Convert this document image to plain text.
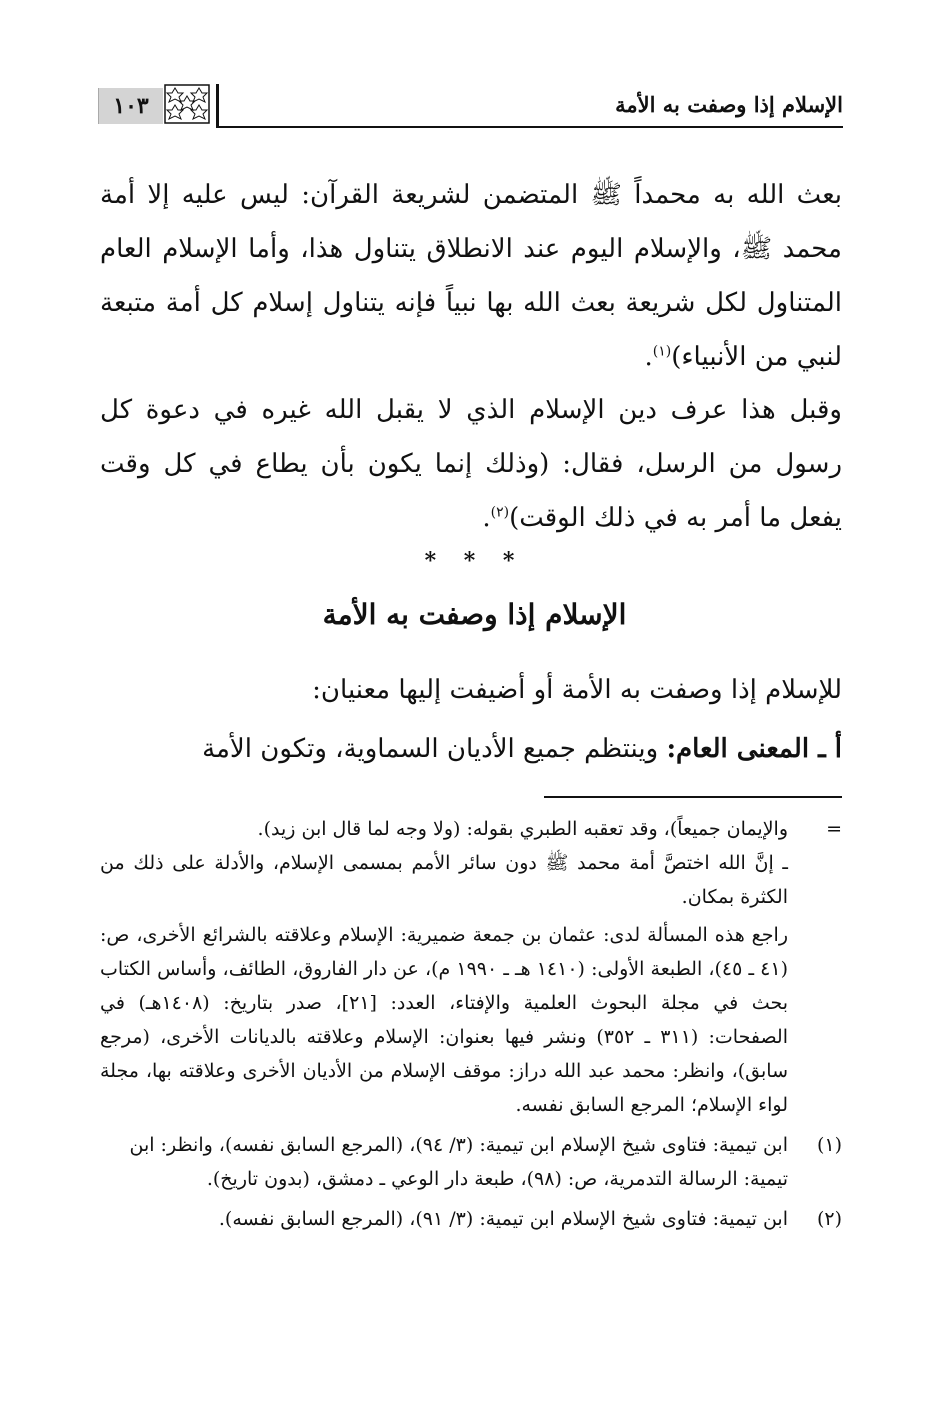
١٠٣	الإسلام إذا وصفت به الأمة
بعث الله به محمداً ﷺ المتضمن لشريعة القرآن: ليس عليه إلا أمة محمد ﷺ، والإسلام اليوم عند الانطلاق يتناول هذا، وأما الإسلام العام المتناول لكل شريعة بعث الله بها نبياً فإنه يتناول إسلام كل أمة متبعة لنبي من الأنبياء)$^{(١)}$.
وقبل هذا عرف دين الإسلام الذي لا يقبل الله غيره في دعوة كل رسول من الرسل، فقال: (وذلك إنما يكون بأن يطاع في كل وقت يفعل ما أمر به في ذلك الوقت)$^{(٢)}$.
* * *
الإسلام إذا وصفت به الأمة
للإسلام إذا وصفت به الأمة أو أضيفت إليها معنيان:
أ ـ المعنى العام: وينتظم جميع الأديان السماوية، وتكون الأمة
=
والإيمان جميعاً)، وقد تعقبه الطبري بقوله: (ولا وجه لما قال ابن زيد).
ـ إنَّ الله اختصَّ أمة محمد ﷺ دون سائر الأمم بمسمى الإسلام، والأدلة على ذلك من الكثرة بمكان.
راجع هذه المسألة لدى: عثمان بن جمعة ضميرية: الإسلام وعلاقته بالشرائع الأخرى، ص: (٤١ ـ ٤٥)، الطبعة الأولى: (١٤١٠ هـ ـ ١٩٩٠ م)، عن دار الفاروق، الطائف، وأساس الكتاب بحث في مجلة البحوث العلمية والإفتاء، العدد: [٢١]، صدر بتاريخ: (١٤٠٨هـ) في الصفحات: (٣١١ ـ ٣٥٢) ونشر فيها بعنوان: الإسلام وعلاقته بالديانات الأخرى، (مرجع سابق)، وانظر: محمد عبد الله دراز: موقف الإسلام من الأديان الأخرى وعلاقته بها، مجلة لواء الإسلام؛ المرجع السابق نفسه.
(١)
ابن تيمية: فتاوى شيخ الإسلام ابن تيمية: (٣/ ٩٤)، (المرجع السابق نفسه)، وانظر: ابن تيمية: الرسالة التدمرية، ص: (٩٨)، طبعة دار الوعي ـ دمشق، (بدون تاريخ).
(٢)
ابن تيمية: فتاوى شيخ الإسلام ابن تيمية: (٣/ ٩١)، (المرجع السابق نفسه).
